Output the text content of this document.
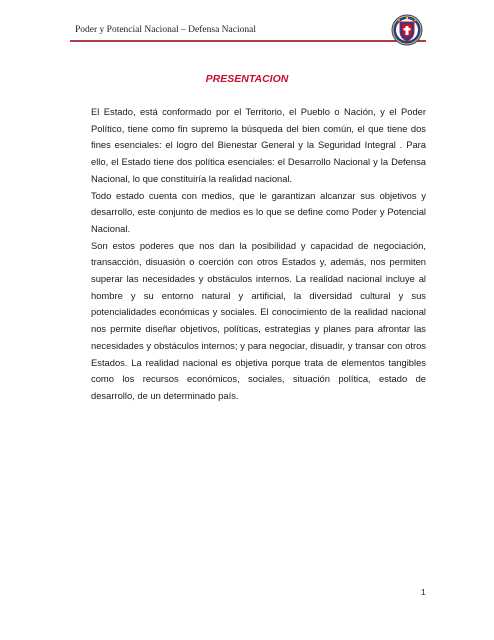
Poder y Potencial Nacional – Defensa Nacional
PRESENTACION

El Estado, está conformado por el Territorio, el Pueblo o Nación, y el Poder Político, tiene como fin supremo la búsqueda del bien común, el que tiene dos fines esenciales: el logro del Bienestar General y la Seguridad Integral . Para ello, el Estado tiene dos política esenciales: el Desarrollo Nacional y la Defensa Nacional, lo que constituiría la realidad nacional.

Todo estado cuenta con medios, que le garantizan alcanzar sus objetivos y desarrollo, este conjunto de medios es lo que se define como Poder y Potencial Nacional.

Son estos poderes que nos dan la posibilidad y capacidad de negociación, transacción, disuasión o coerción con otros Estados y, además, nos permiten superar las necesidades y obstáculos internos. La realidad nacional incluye al hombre y su entorno natural y artificial, la diversidad cultural y sus potencialidades económicas y sociales. El conocimiento de la realidad nacional nos permite diseñar objetivos, políticas, estrategias y planes para afrontar las necesidades y obstáculos internos; y para negociar, disuadir, y transar con otros Estados. La realidad nacional es objetiva porque trata de elementos tangibles como los recursos económicos, sociales, situación política, estado de desarrollo, de un determinado país.

1
